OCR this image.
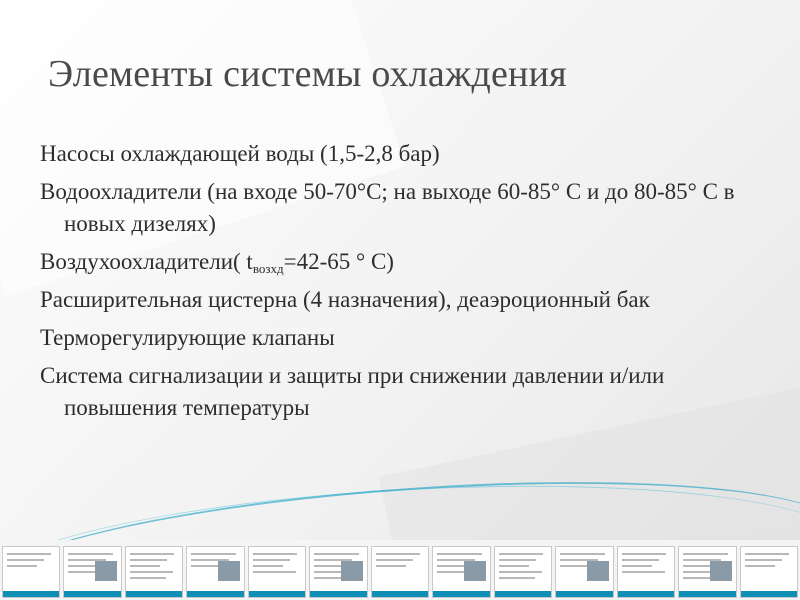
Элементы системы охлаждения
Насосы охлаждающей воды (1,5-2,8 бар)
Водоохладители (на входе 50-70°С; на выходе 60-85° С и до 80-85° С в новых дизелях)
Воздухоохладители( $t_{возхд}=42-65$ ° С)
Расширительная цистерна (4 назначения), деаэроционный бак
Терморегулирующие клапаны
Система сигнализации и защиты при снижении давлении и/или повышения температуры
